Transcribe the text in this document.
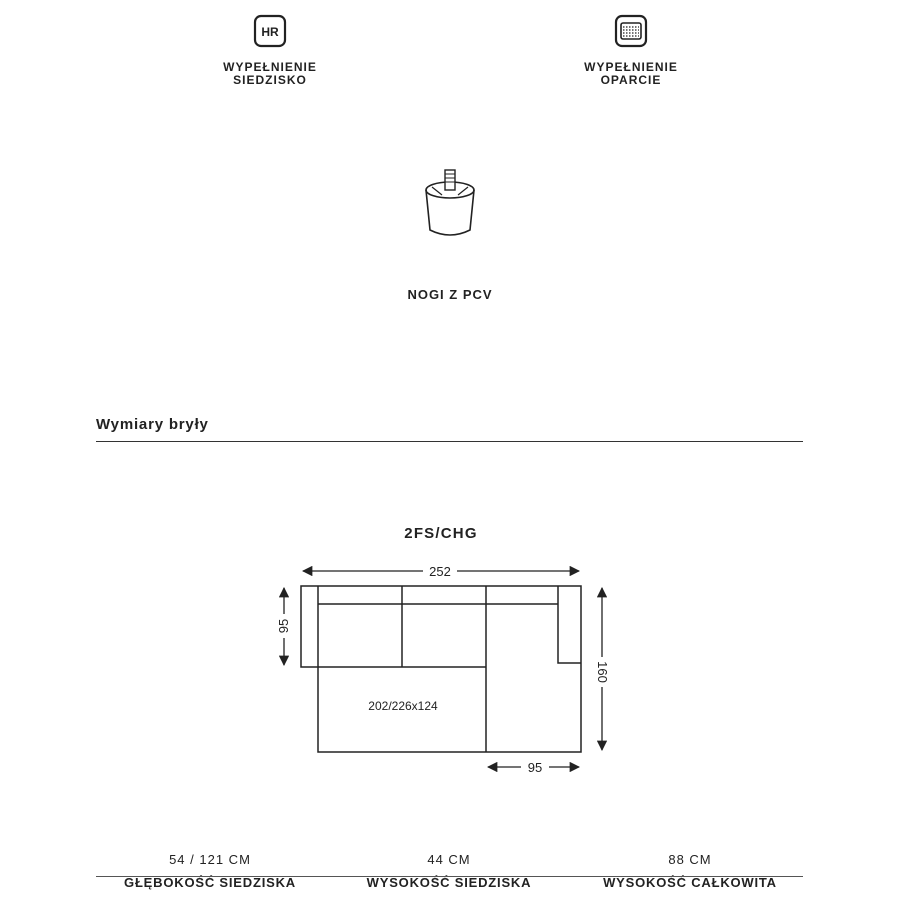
HR
WYPEŁNIENIE
SIEDZISKO
WYPEŁNIENIE
OPARCIE
NOGI Z PCV
Wymiary bryły
2FS/CHG
252
95
160
95
202/226x124
54 / 121 CM
GŁĘBOKOŚĆ SIEDZISKA
44 CM
WYSOKOŚĆ SIEDZISKA
88 CM
WYSOKOŚĆ CAŁKOWITA
